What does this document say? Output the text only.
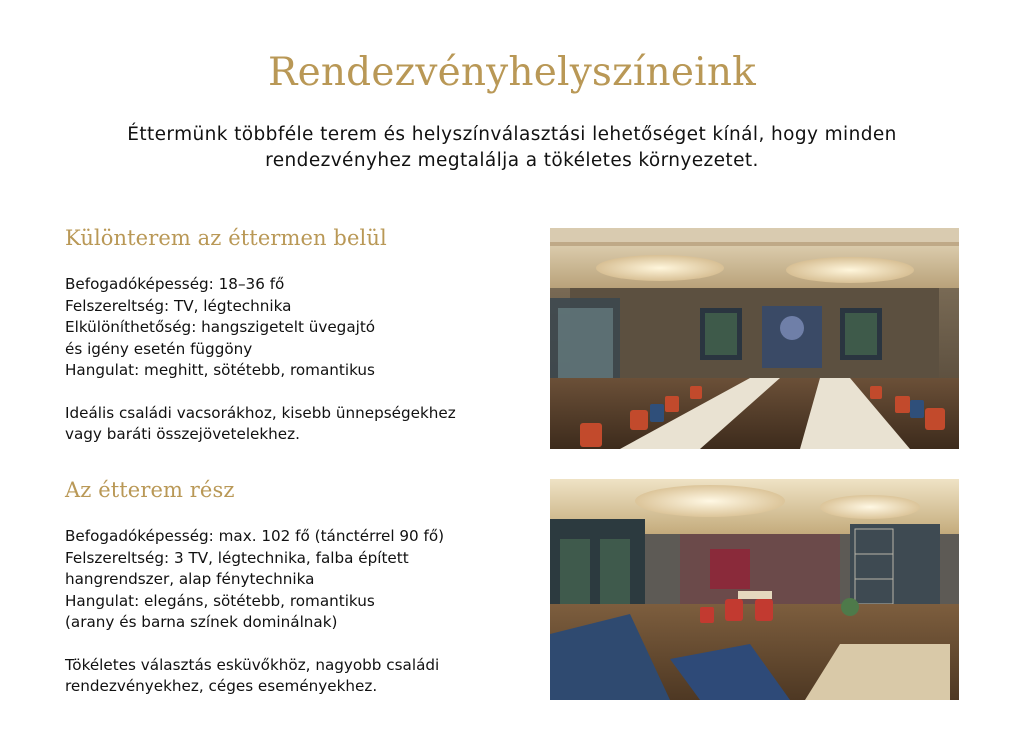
Rendezvényhelyszíneink
Éttermünk többféle terem és helyszínválasztási lehetőséget kínál, hogy minden
rendezvényhez megtalálja a tökéletes környezetet.
Különterem az éttermen belül

Befogadóképesség: 18–36 fő

Felszereltség: TV, légtechnika

Elkülöníthetőség: hangszigetelt üvegajtó

és igény esetén függöny

Hangulat: meghitt, sötétebb, romantikus

Ideális családi vacsorákhoz, kisebb ünnepségekhez

vagy baráti összejövetelekhez.

Az étterem rész

Befogadóképesség: max. 102 fő (tánctérrel 90 fő)

Felszereltség: 3 TV, légtechnika, falba épített

hangrendszer, alap fénytechnika

Hangulat: elegáns, sötétebb, romantikus

(arany és barna színek dominálnak)

Tökéletes választás esküvőkhöz, nagyobb családi

rendezvényekhez, céges eseményekhez.
